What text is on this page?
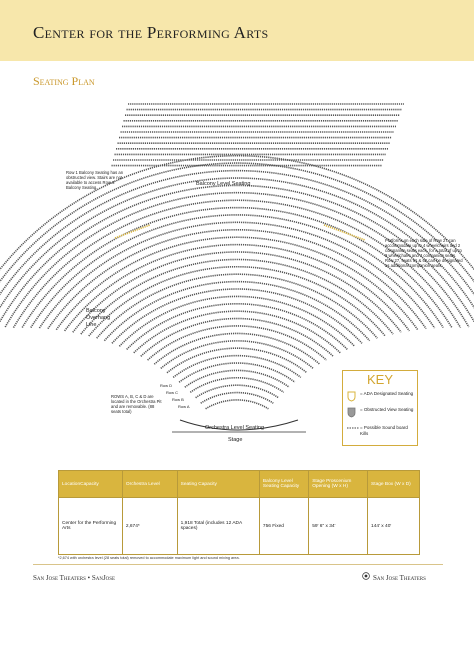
Center for the Performing Arts
Seating Plan
Row 1 Balcony Seating has an obstructed view. Stairs are not available to access Row 6 Balcony Seating.
Balcony Level Seating
Balcony Overhang Line
Platforms on each side of Row 27 can accommodate up to 4 wheelchairs and 2 companion seats each, for a total of up to 8 wheelchairs and 4 companion seats. Row 27, seats 61 & 62 can be designated as additional companion seats.
ROWS A, B, C & D are located in the Orchestra Pit and are removable. (88 seats total)
Orchestra Level Seating
Stage
Row A
Row B
Row C
Row D	KEY
= ADA Designated Seating
= Obstructed View Seating
= Possible Sound board Kills
LocationCapacity	Orchestra Level	Seating Capacity	Balcony Level Seating Capacity	Stage Proscenium Opening (W x H)	Stage Box (W x D)
Center for the Performing Arts	2,674*	1,918 Total (includes 12 ADA spaces)	756 Fixed	59' 6" x 34'	144' x 40'
*2,674 with orchestra level (28 seats total) removed to accommodate maximum light and sound mixing area.
San Jose Theaters • SanJose	San Jose Theaters
